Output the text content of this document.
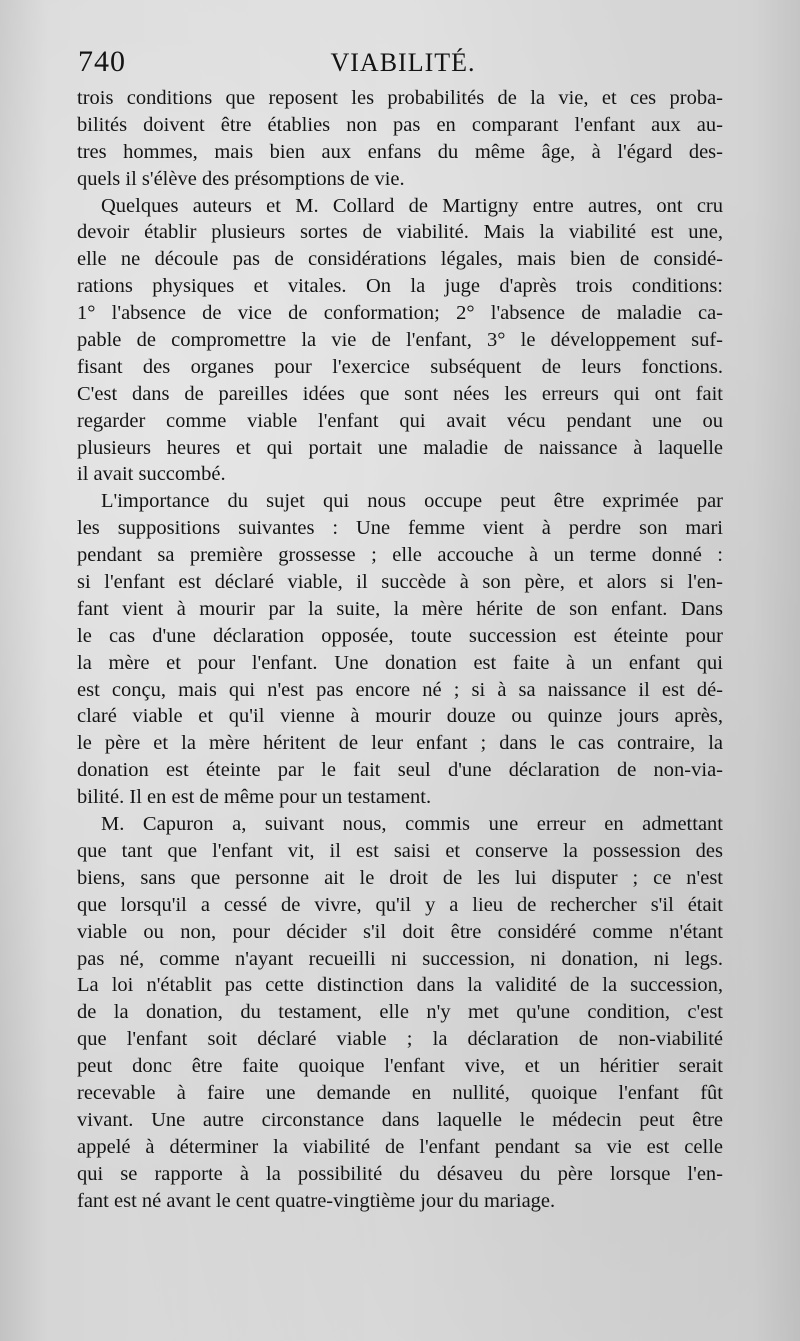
740	VIABILITÉ.

trois conditions que reposent les probabilités de la vie, et ces proba-
bilités doivent être établies non pas en comparant l'enfant aux au-
tres hommes, mais bien aux enfans du même âge, à l'égard des-
quels il s'élève des présomptions de vie.

Quelques auteurs et M. Collard de Martigny entre autres, ont cru
devoir établir plusieurs sortes de viabilité. Mais la viabilité est une,
elle ne découle pas de considérations légales, mais bien de considé-
rations physiques et vitales. On la juge d'après trois conditions:
1° l'absence de vice de conformation; 2° l'absence de maladie ca-
pable de compromettre la vie de l'enfant, 3° le développement suf-
fisant des organes pour l'exercice subséquent de leurs fonctions.
C'est dans de pareilles idées que sont nées les erreurs qui ont fait
regarder comme viable l'enfant qui avait vécu pendant une ou
plusieurs heures et qui portait une maladie de naissance à laquelle
il avait succombé.

L'importance du sujet qui nous occupe peut être exprimée par
les suppositions suivantes : Une femme vient à perdre son mari
pendant sa première grossesse ; elle accouche à un terme donné :
si l'enfant est déclaré viable, il succède à son père, et alors si l'en-
fant vient à mourir par la suite, la mère hérite de son enfant. Dans
le cas d'une déclaration opposée, toute succession est éteinte pour
la mère et pour l'enfant. Une donation est faite à un enfant qui
est conçu, mais qui n'est pas encore né ; si à sa naissance il est dé-
claré viable et qu'il vienne à mourir douze ou quinze jours après,
le père et la mère héritent de leur enfant ; dans le cas contraire, la
donation est éteinte par le fait seul d'une déclaration de non-via-
bilité. Il en est de même pour un testament.

M. Capuron a, suivant nous, commis une erreur en admettant
que tant que l'enfant vit, il est saisi et conserve la possession des
biens, sans que personne ait le droit de les lui disputer ; ce n'est
que lorsqu'il a cessé de vivre, qu'il y a lieu de rechercher s'il était
viable ou non, pour décider s'il doit être considéré comme n'étant
pas né, comme n'ayant recueilli ni succession, ni donation, ni legs.
La loi n'établit pas cette distinction dans la validité de la succession,
de la donation, du testament, elle n'y met qu'une condition, c'est
que l'enfant soit déclaré viable ; la déclaration de non-viabilité
peut donc être faite quoique l'enfant vive, et un héritier serait
recevable à faire une demande en nullité, quoique l'enfant fût
vivant. Une autre circonstance dans laquelle le médecin peut être
appelé à déterminer la viabilité de l'enfant pendant sa vie est celle
qui se rapporte à la possibilité du désaveu du père lorsque l'en-
fant est né avant le cent quatre-vingtième jour du mariage.
